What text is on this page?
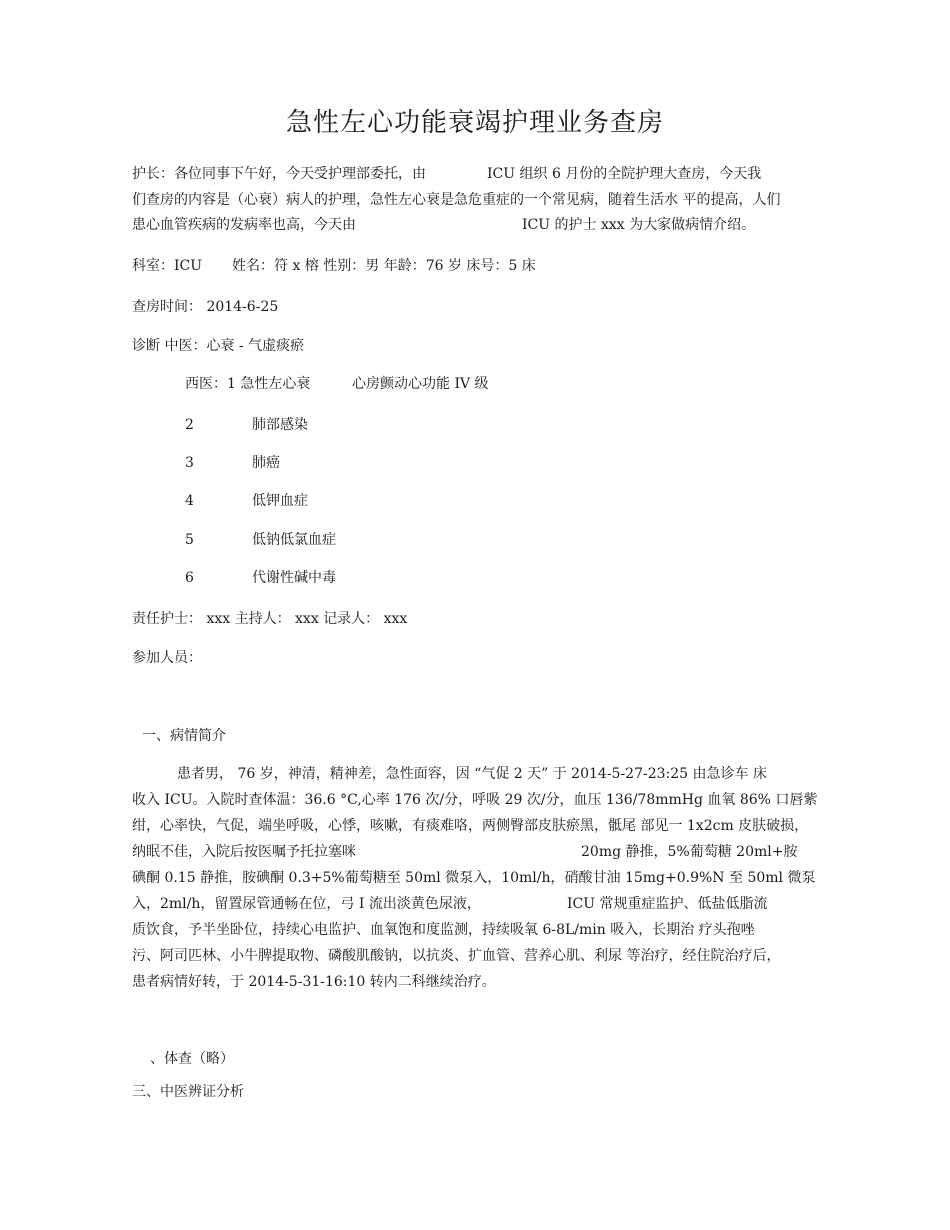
急性左心功能衰竭护理业务查房
护长：各位同事下午好，今天受护理部委托，由	ICU 组织 6 月份的全院护理大查房，今天我
们查房的内容是（心衰）病人的护理，急性左心衰是急危重症的一个常见病，随着生活水 平的提高，人们
患心血管疾病的发病率也高，今天由	ICU 的护士 xxx 为大家做病情介绍。
科室：ICU 姓名：符 x 榕 性别：男 年龄：76 岁 床号：5 床
查房时间： 2014-6-25
诊断 中医：心衰 - 气虚痰瘀
西医：1 急性左心衰	心房颤动心功能 IV 级
2	肺部感染
3	肺癌
4	低钾血症
5	低钠低氯血症
6	代谢性碱中毒
责任护士： xxx 主持人： xxx 记录人： xxx
参加人员：
一、病情简介
患者男， 76 岁，神清，精神差，急性面容，因 “气促 2 天” 于 2014-5-27-23:25 由急诊车 床
收入 ICU。入院时查体温：36.6 °C,心率 176 次/分，呼吸 29 次/分，血压 136/78mmHg 血氧 86% 口唇紫
绀，心率快，气促，端坐呼吸，心悸，咳嗽，有痰难咯，两侧臀部皮肤瘀黑，骶尾 部见一 1x2cm 皮肤破损，
纳眠不佳，入院后按医嘱予托拉塞咪	20mg 静推，5%葡萄糖 20ml+胺
碘酮 0.15 静推，胺碘酮 0.3+5%葡萄糖至 50ml 微泵入，10ml/h，硝酸甘油 15mg+0.9%N 至 50ml 微泵
入，2ml/h，留置尿管通畅在位，弓 I 流出淡黄色尿液，	ICU 常规重症监护、低盐低脂流
质饮食，予半坐卧位，持续心电监护、血氧饱和度监测，持续吸氧 6-8L/min 吸入，长期治 疗头孢唑
污、阿司匹林、小牛脾提取物、磷酸肌酸钠，以抗炎、扩血管、营养心肌、利尿 等治疗，经住院治疗后，
患者病情好转，于 2014-5-31-16:10 转内二科继续治疗。
、体查（略）
三、中医辨证分析
